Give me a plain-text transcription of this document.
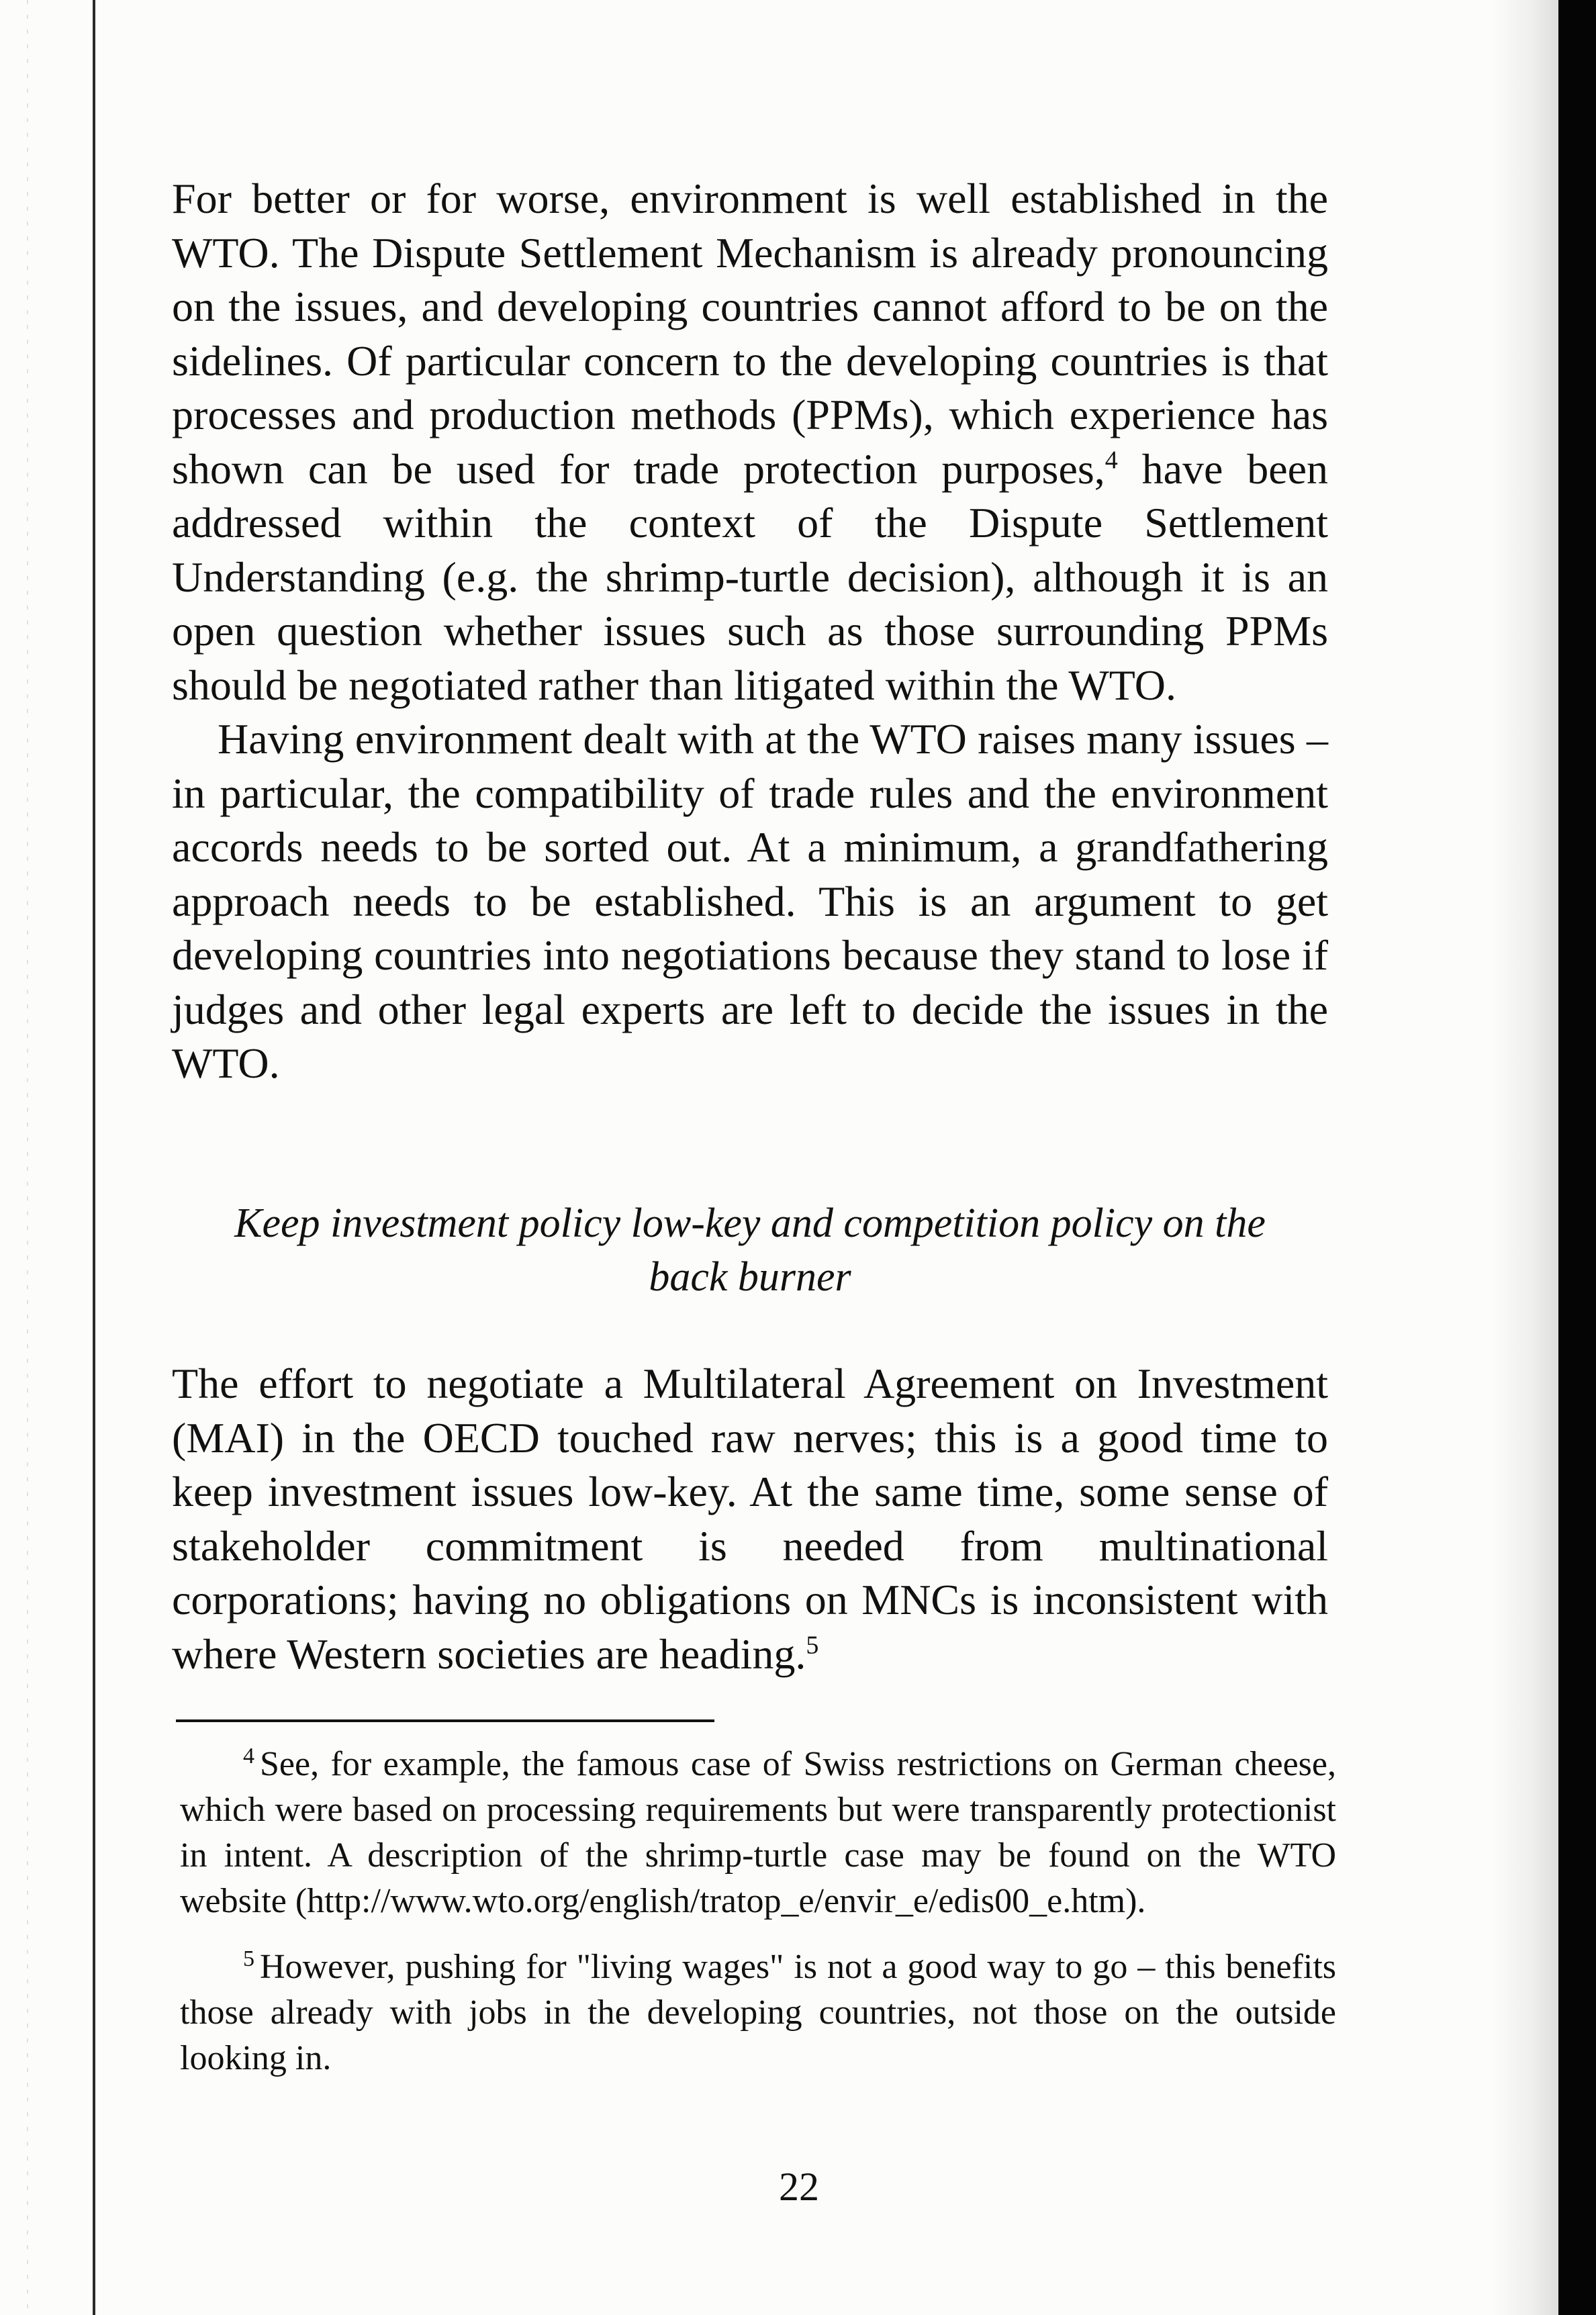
For better or for worse, environment is well established in the WTO. The Dispute Settlement Mechanism is already pronouncing on the issues, and developing countries cannot afford to be on the sidelines. Of particular concern to the developing countries is that processes and production methods (PPMs), which experience has shown can be used for trade protection purposes,$^4$ have been addressed within the context of the Dispute Settlement Understanding (e.g. the shrimp-turtle decision), although it is an open question whether issues such as those surrounding PPMs should be negotiated rather than litigated within the WTO.

Having environment dealt with at the WTO raises many issues – in particular, the compatibility of trade rules and the environment accords needs to be sorted out. At a minimum, a grandfathering approach needs to be established. This is an argument to get developing countries into negotiations because they stand to lose if judges and other legal experts are left to decide the issues in the WTO.

Keep investment policy low-key and competition policy on the
back burner

The effort to negotiate a Multilateral Agreement on Investment (MAI) in the OECD touched raw nerves; this is a good time to keep investment issues low-key. At the same time, some sense of stakeholder commitment is needed from multinational corporations; having no obligations on MNCs is inconsistent with where Western societies are heading.$^5$

$^4$ See, for example, the famous case of Swiss restrictions on German cheese, which were based on processing requirements but were transparently protectionist in intent. A description of the shrimp-turtle case may be found on the WTO website (http://www.wto.org/english/tratop_e/envir_e/edis00_e.htm).

$^5$ However, pushing for "living wages" is not a good way to go – this benefits those already with jobs in the developing countries, not those on the outside looking in.

22
